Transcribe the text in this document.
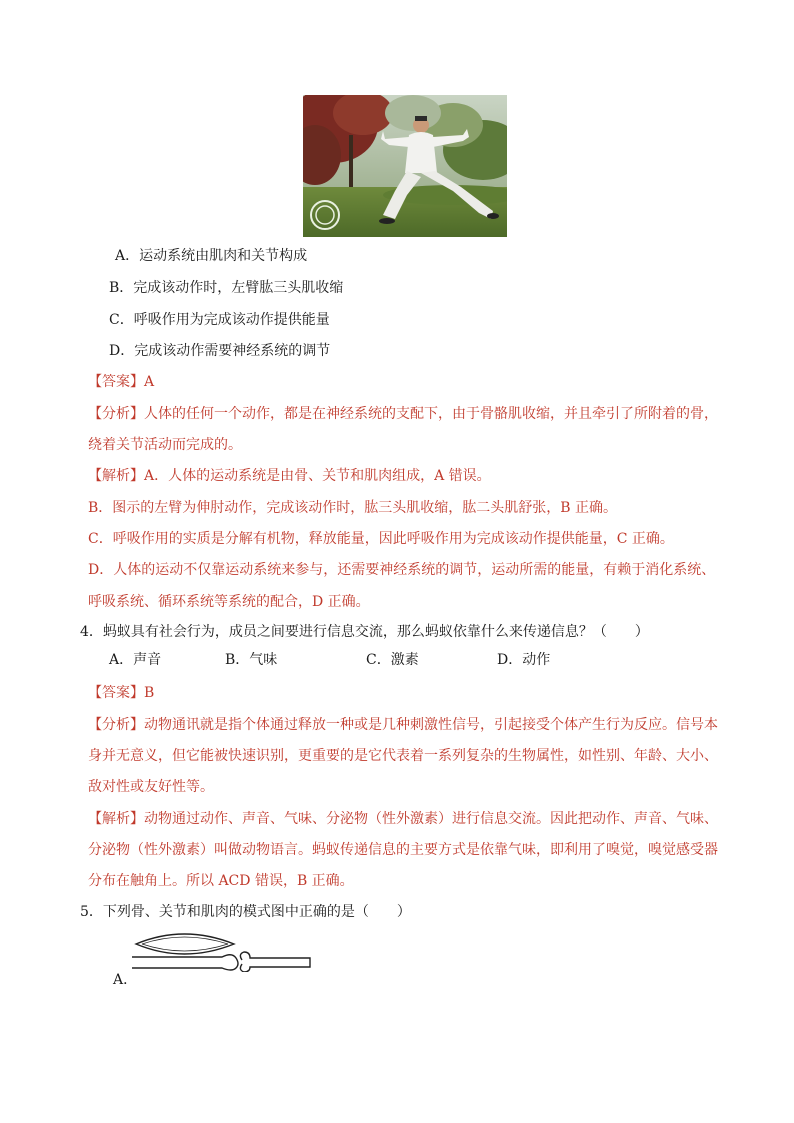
A．运动系统由肌肉和关节构成
B．完成该动作时，左臂肱三头肌收缩
C．呼吸作用为完成该动作提供能量
D．完成该动作需要神经系统的调节
【答案】A
【分析】人体的任何一个动作，都是在神经系统的支配下，由于骨骼肌收缩，并且牵引了所附着的骨，
绕着关节活动而完成的。
【解析】A．人体的运动系统是由骨、关节和肌肉组成，A 错误。
B．图示的左臂为伸肘动作，完成该动作时，肱三头肌收缩，肱二头肌舒张，B 正确。
C．呼吸作用的实质是分解有机物，释放能量，因此呼吸作用为完成该动作提供能量，C 正确。
D．人体的运动不仅靠运动系统来参与，还需要神经系统的调节，运动所需的能量，有赖于消化系统、
呼吸系统、循环系统等系统的配合，D 正确。
4．蚂蚁具有社会行为，成员之间要进行信息交流，那么蚂蚁依靠什么来传递信息？（　　）
A．声音	B．气味	C．激素	D．动作
【答案】B
【分析】动物通讯就是指个体通过释放一种或是几种刺激性信号，引起接受个体产生行为反应。信号本
身并无意义，但它能被快速识别，更重要的是它代表着一系列复杂的生物属性，如性别、年龄、大小、
敌对性或友好性等。
【解析】动物通过动作、声音、气味、分泌物（性外激素）进行信息交流。因此把动作、声音、气味、
分泌物（性外激素）叫做动物语言。蚂蚁传递信息的主要方式是依靠气味，即利用了嗅觉，嗅觉感受器
分布在触角上。所以 ACD 错误，B 正确。
5．下列骨、关节和肌肉的模式图中正确的是（　　）
A．
